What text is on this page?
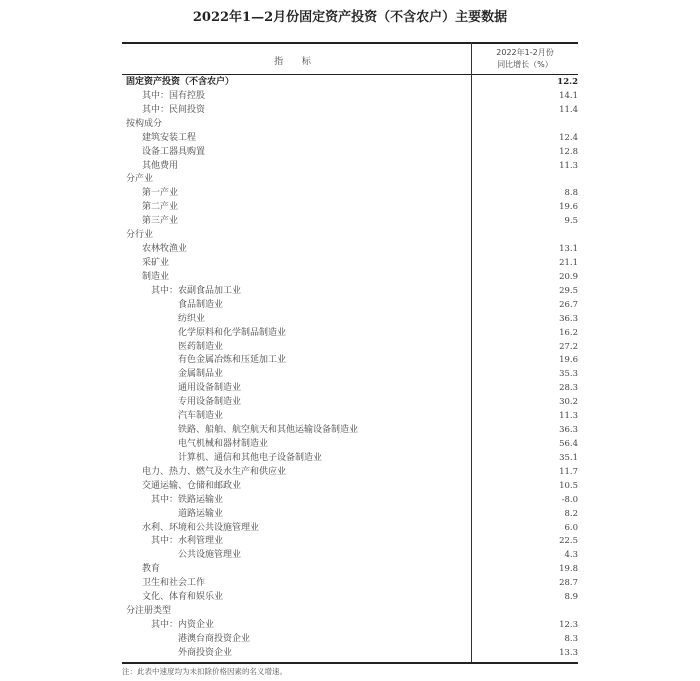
2022年1—2月份固定资产投资（不含农户）主要数据
指 标
2022年1-2月份
同比增长（%）
固定资产投资（不含农户）	12.2
其中：国有控股	14.1
其中：民间投资	11.4
按构成分
建筑安装工程	12.4
设备工器具购置	12.8
其他费用	11.3
分产业
第一产业	8.8
第二产业	19.6
第三产业	9.5
分行业
农林牧渔业	13.1
采矿业	21.1
制造业	20.9
其中：农副食品加工业	29.5
食品制造业	26.7
纺织业	36.3
化学原料和化学制品制造业	16.2
医药制造业	27.2
有色金属冶炼和压延加工业	19.6
金属制品业	35.3
通用设备制造业	28.3
专用设备制造业	30.2
汽车制造业	11.3
铁路、船舶、航空航天和其他运输设备制造业	36.3
电气机械和器材制造业	56.4
计算机、通信和其他电子设备制造业	35.1
电力、热力、燃气及水生产和供应业	11.7
交通运输、仓储和邮政业	10.5
其中：铁路运输业	-8.0
道路运输业	8.2
水利、环境和公共设施管理业	6.0
其中：水利管理业	22.5
公共设施管理业	4.3
教育	19.8
卫生和社会工作	28.7
文化、体育和娱乐业	8.9
分注册类型
其中：内资企业	12.3
港澳台商投资企业	8.3
外商投资企业	13.3
注：此表中速度均为未扣除价格因素的名义增速。
